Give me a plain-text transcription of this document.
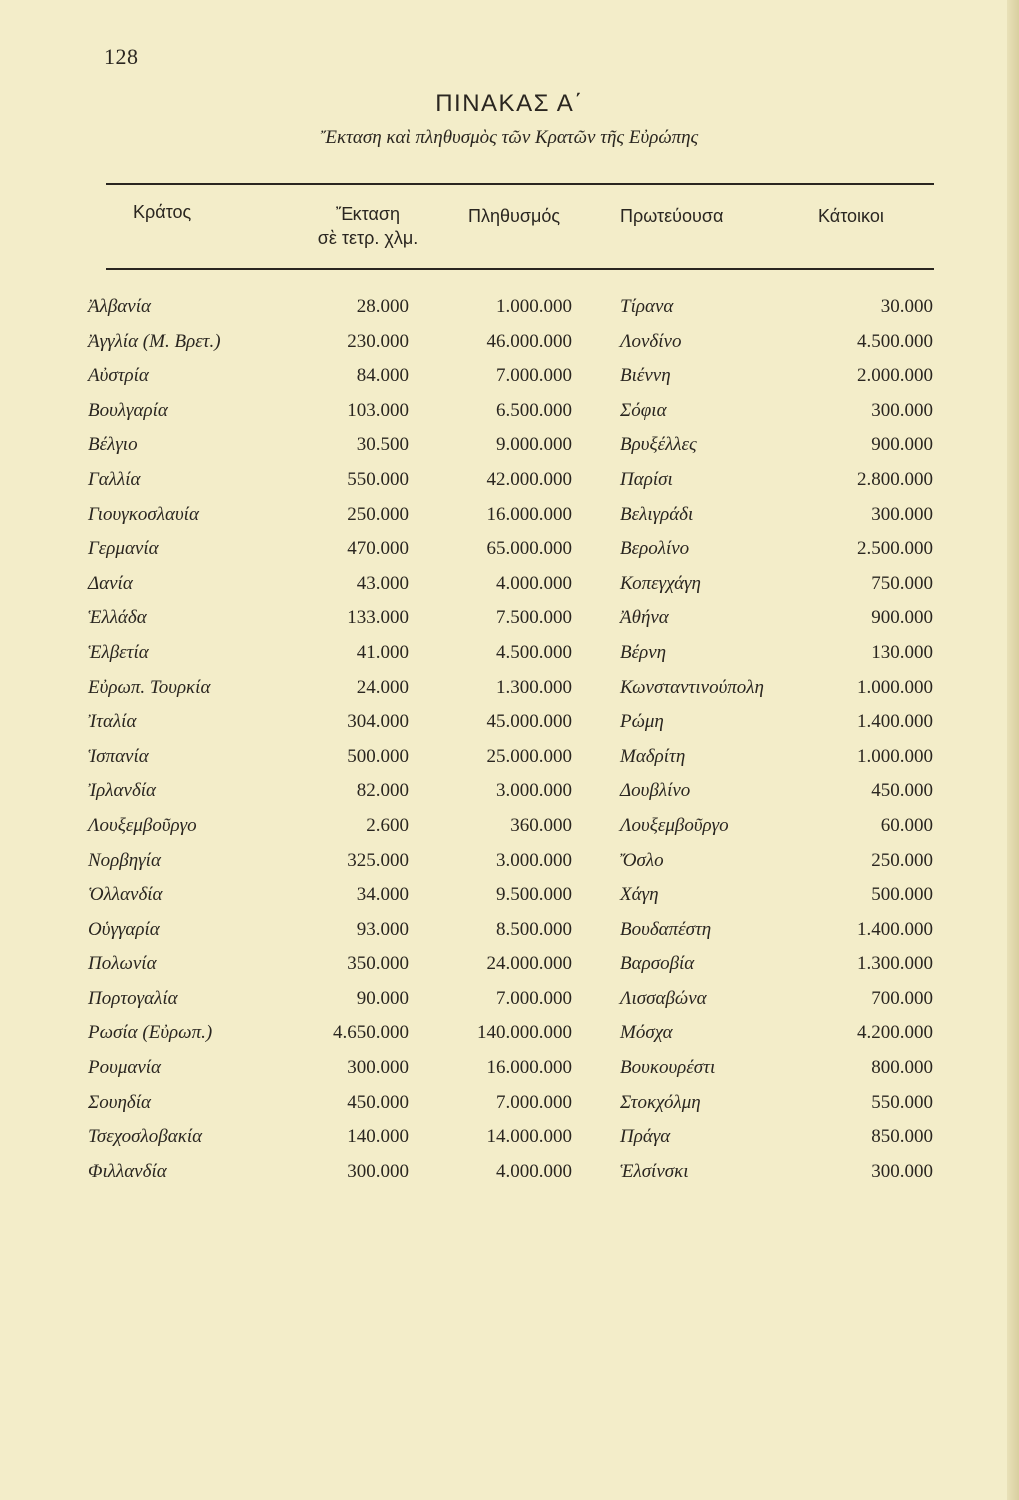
128
ΠΙΝΑΚΑΣ Α΄
Ἔκταση καὶ πληθυσμὸς τῶν Κρατῶν τῆς Εὐρώπης
Κράτος	Ἔκταση
σὲ τετρ. χλμ.
Πληθυσμός	Πρωτεύουσα	Κάτοικοι
Ἀλβανία	28.000	1.000.000	Τίρανα	30.000
Ἀγγλία (Μ. Βρετ.)	230.000	46.000.000	Λονδίνο	4.500.000
Αὐστρία	84.000	7.000.000	Βιέννη	2.000.000
Βουλγαρία	103.000	6.500.000	Σόφια	300.000
Βέλγιο	30.500	9.000.000	Βρυξέλλες	900.000
Γαλλία	550.000	42.000.000	Παρίσι	2.800.000
Γιουγκοσλαυία	250.000	16.000.000	Βελιγράδι	300.000
Γερμανία	470.000	65.000.000	Βερολίνο	2.500.000
Δανία	43.000	4.000.000	Κοπεγχάγη	750.000
Ἑλλάδα	133.000	7.500.000	Ἀθήνα	900.000
Ἑλβετία	41.000	4.500.000	Βέρνη	130.000
Εὐρωπ. Τουρκία	24.000	1.300.000	Κωνσταντινούπολη	1.000.000
Ἰταλία	304.000	45.000.000	Ρώμη	1.400.000
Ἱσπανία	500.000	25.000.000	Μαδρίτη	1.000.000
Ἰρλανδία	82.000	3.000.000	Δουβλίνο	450.000
Λουξεμβοῦργο	2.600	360.000	Λουξεμβοῦργο	60.000
Νορβηγία	325.000	3.000.000	Ὄσλο	250.000
Ὁλλανδία	34.000	9.500.000	Χάγη	500.000
Οὑγγαρία	93.000	8.500.000	Βουδαπέστη	1.400.000
Πολωνία	350.000	24.000.000	Βαρσοβία	1.300.000
Πορτογαλία	90.000	7.000.000	Λισσαβώνα	700.000
Ρωσία (Εὐρωπ.)	4.650.000	140.000.000	Μόσχα	4.200.000
Ρουμανία	300.000	16.000.000	Βουκουρέστι	800.000
Σουηδία	450.000	7.000.000	Στοκχόλμη	550.000
Τσεχοσλοβακία	140.000	14.000.000	Πράγα	850.000
Φιλλανδία	300.000	4.000.000	Ἑλσίνσκι	300.000
